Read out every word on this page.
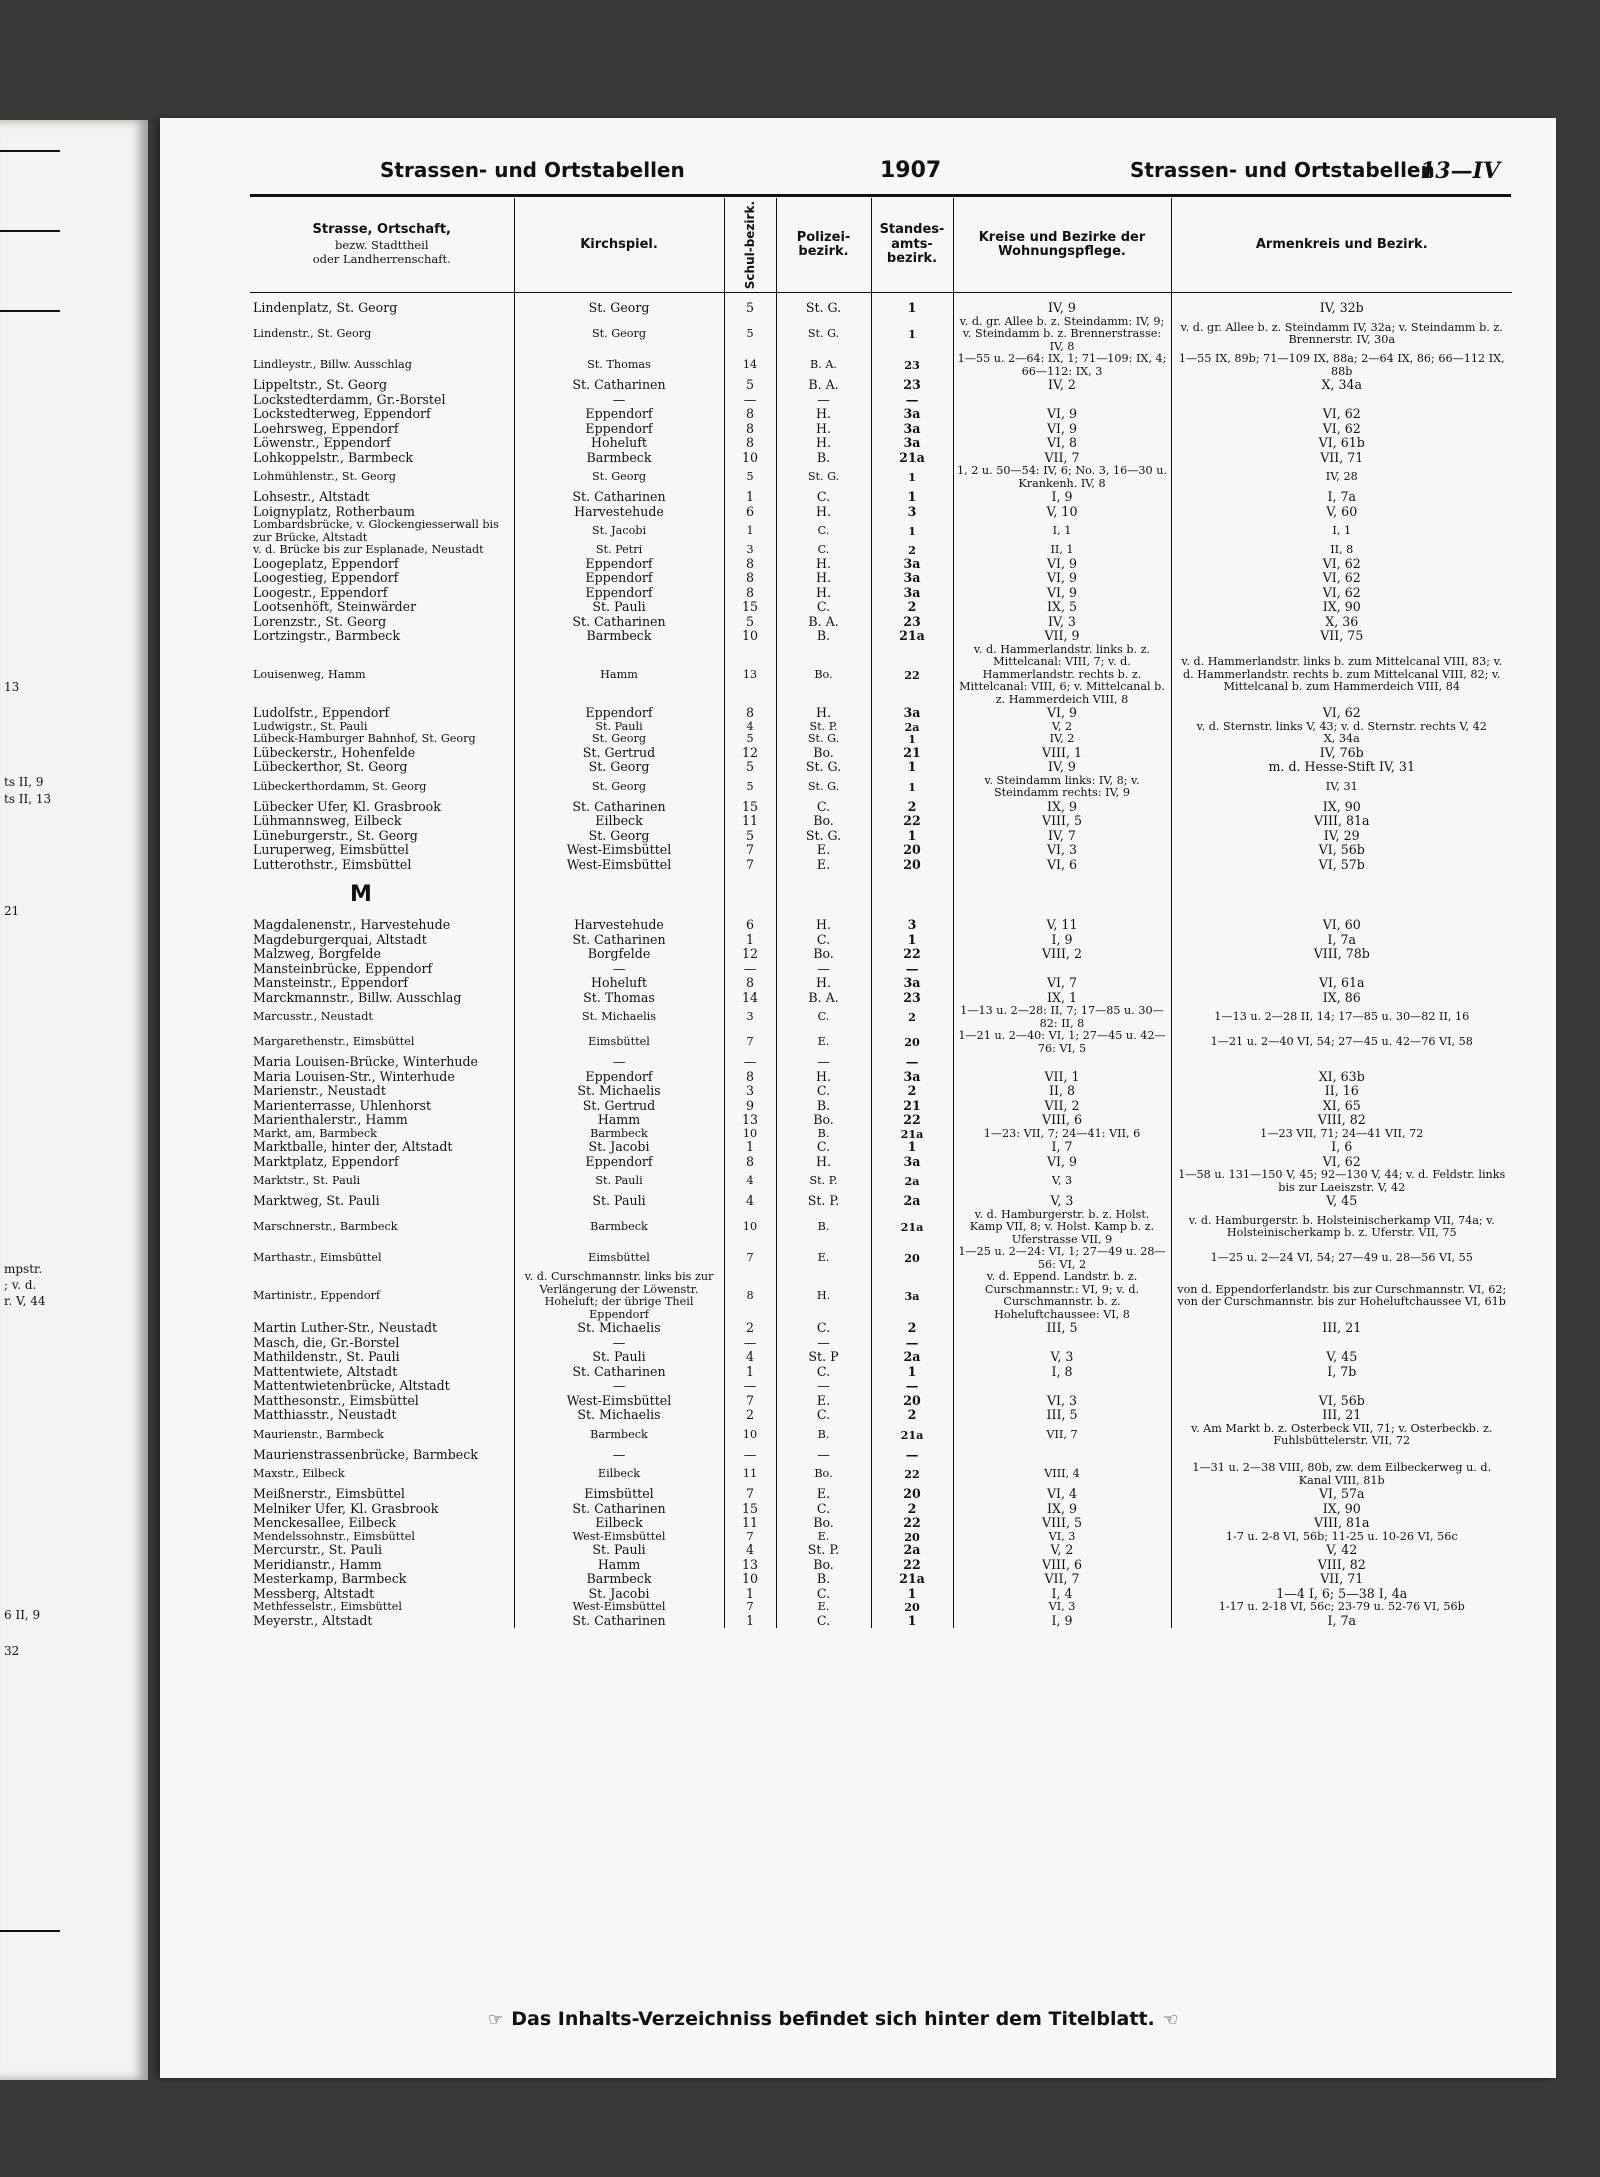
13
ts II, 9
ts II, 13
21
mpstr.
; v. d.
r. V, 44
6 II, 9
32
Strassen- und Ortstabellen	1907	Strassen- und Ortstabellen
13—IV
Strasse, Ortschaft,
bezw. Stadttheil
oder Landherrenschaft.	Kirchspiel.	Schul-bezirk.	Polizei-bezirk.	Standes-amts-bezirk.	Kreise und Bezirke der Wohnungspflege.	Armenkreis und Bezirk.

Lindenplatz, St. Georg	St. Georg	5	St. G.	1	IV, 9	IV, 32b
Lindenstr., St. Georg	St. Georg	5	St. G.	1	v. d. gr. Allee b. z. Steindamm: IV, 9; v. Steindamm b. z. Brennerstrasse: IV, 8	v. d. gr. Allee b. z. Steindamm IV, 32a; v. Steindamm b. z. Brennerstr. IV, 30a
Lindleystr., Billw. Ausschlag	St. Thomas	14	B. A.	23	1—55 u. 2—64: IX, 1; 71—109: IX, 4; 66—112: IX, 3	1—55 IX, 89b; 71—109 IX, 88a; 2—64 IX, 86; 66—112 IX, 88b
Lippeltstr., St. Georg	St. Catharinen	5	B. A.	23	IV, 2	X, 34a
Lockstedterdamm, Gr.-Borstel	—	—	—	—		
Lockstedterweg, Eppendorf	Eppendorf	8	H.	3a	VI, 9	VI, 62
Loehrsweg, Eppendorf	Eppendorf	8	H.	3a	VI, 9	VI, 62
Löwenstr., Eppendorf	Hoheluft	8	H.	3a	VI, 8	VI, 61b
Lohkoppelstr., Barmbeck	Barmbeck	10	B.	21a	VII, 7	VII, 71
Lohmühlenstr., St. Georg	St. Georg	5	St. G.	1	1, 2 u. 50—54: IV, 6; No. 3, 16—30 u. Krankenh. IV, 8	IV, 28
Lohsestr., Altstadt	St. Catharinen	1	C.	1	I, 9	I, 7a
Loignyplatz, Rotherbaum	Harvestehude	6	H.	3	V, 10	V, 60
Lombardsbrücke, v. Glockengiesserwall bis zur Brücke, Altstadt	St. Jacobi	1	C.	1	I, 1	I, 1
v. d. Brücke bis zur Esplanade, Neustadt	St. Petri	3	C.	2	II, 1	II, 8
Loogeplatz, Eppendorf	Eppendorf	8	H.	3a	VI, 9	VI, 62
Loogestieg, Eppendorf	Eppendorf	8	H.	3a	VI, 9	VI, 62
Loogestr., Eppendorf	Eppendorf	8	H.	3a	VI, 9	VI, 62
Lootsenhöft, Steinwärder	St. Pauli	15	C.	2	IX, 5	IX, 90
Lorenzstr., St. Georg	St. Catharinen	5	B. A.	23	IV, 3	X, 36
Lortzingstr., Barmbeck	Barmbeck	10	B.	21a	VII, 9	VII, 75
Louisenweg, Hamm	Hamm	13	Bo.	22	v. d. Hammerlandstr. links b. z. Mittelcanal: VIII, 7; v. d. Hammerlandstr. rechts b. z. Mittelcanal: VIII, 6; v. Mittelcanal b. z. Hammerdeich VIII, 8	v. d. Hammerlandstr. links b. zum Mittelcanal VIII, 83; v. d. Hammerlandstr. rechts b. zum Mittelcanal VIII, 82; v. Mittelcanal b. zum Hammerdeich VIII, 84
Ludolfstr., Eppendorf	Eppendorf	8	H.	3a	VI, 9	VI, 62
Ludwigstr., St. Pauli	St. Pauli	4	St. P.	2a	V, 2	v. d. Sternstr. links V, 43; v. d. Sternstr. rechts V, 42
Lübeck-Hamburger Bahnhof, St. Georg	St. Georg	5	St. G.	1	IV, 2	X, 34a
Lübeckerstr., Hohenfelde	St. Gertrud	12	Bo.	21	VIII, 1	IV, 76b
Lübeckerthor, St. Georg	St. Georg	5	St. G.	1	IV, 9	m. d. Hesse-Stift IV, 31
Lübeckerthordamm, St. Georg	St. Georg	5	St. G.	1	v. Steindamm links: IV, 8; v. Steindamm rechts: IV, 9	IV, 31
Lübecker Ufer, Kl. Grasbrook	St. Catharinen	15	C.	2	IX, 9	IX, 90
Lühmannsweg, Eilbeck	Eilbeck	11	Bo.	22	VIII, 5	VIII, 81a
Lüneburgerstr., St. Georg	St. Georg	5	St. G.	1	IV, 7	IV, 29
Luruperweg, Eimsbüttel	West-Eimsbüttel	7	E.	20	VI, 3	VI, 56b
Lutterothstr., Eimsbüttel	West-Eimsbüttel	7	E.	20	VI, 6	VI, 57b
M						
Magdalenenstr., Harvestehude	Harvestehude	6	H.	3	V, 11	VI, 60
Magdeburgerquai, Altstadt	St. Catharinen	1	C.	1	I, 9	I, 7a
Malzweg, Borgfelde	Borgfelde	12	Bo.	22	VIII, 2	VIII, 78b
Mansteinbrücke, Eppendorf	—	—	—	—		
Mansteinstr., Eppendorf	Hoheluft	8	H.	3a	VI, 7	VI, 61a
Marckmannstr., Billw. Ausschlag	St. Thomas	14	B. A.	23	IX, 1	IX, 86
Marcusstr., Neustadt	St. Michaelis	3	C.	2	1—13 u. 2—28: II, 7; 17—85 u. 30—82: II, 8	1—13 u. 2—28 II, 14; 17—85 u. 30—82 II, 16
Margarethenstr., Eimsbüttel	Eimsbüttel	7	E.	20	1—21 u. 2—40: VI, 1; 27—45 u. 42—76: VI, 5	1—21 u. 2—40 VI, 54; 27—45 u. 42—76 VI, 58
Maria Louisen-Brücke, Winterhude	—	—	—	—		
Maria Louisen-Str., Winterhude	Eppendorf	8	H.	3a	VII, 1	XI, 63b
Marienstr., Neustadt	St. Michaelis	3	C.	2	II, 8	II, 16
Marienterrasse, Uhlenhorst	St. Gertrud	9	B.	21	VII, 2	XI, 65
Marienthalerstr., Hamm	Hamm	13	Bo.	22	VIII, 6	VIII, 82
Markt, am, Barmbeck	Barmbeck	10	B.	21a	1—23: VII, 7; 24—41: VII, 6	1—23 VII, 71; 24—41 VII, 72
Marktballe, hinter der, Altstadt	St. Jacobi	1	C.	1	I, 7	I, 6
Marktplatz, Eppendorf	Eppendorf	8	H.	3a	VI, 9	VI, 62
Marktstr., St. Pauli	St. Pauli	4	St. P.	2a	V, 3	1—58 u. 131—150 V, 45; 92—130 V, 44; v. d. Feldstr. links bis zur Laeiszstr. V, 42
Marktweg, St. Pauli	St. Pauli	4	St. P.	2a	V, 3	V, 45
Marschnerstr., Barmbeck	Barmbeck	10	B.	21a	v. d. Hamburgerstr. b. z. Holst. Kamp VII, 8; v. Holst. Kamp b. z. Uferstrasse VII, 9	v. d. Hamburgerstr. b. Holsteinischerkamp VII, 74a; v. Holsteinischerkamp b. z. Uferstr. VII, 75
Marthastr., Eimsbüttel	Eimsbüttel	7	E.	20	1—25 u. 2—24: VI, 1; 27—49 u. 28—56: VI, 2	1—25 u. 2—24 VI, 54; 27—49 u. 28—56 VI, 55
Martinistr., Eppendorf	v. d. Curschmannstr. links bis zur Verlängerung der Löwenstr. Hoheluft; der übrige Theil Eppendorf	8	H.	3a	v. d. Eppend. Landstr. b. z. Curschmannstr.: VI, 9; v. d. Curschmannstr. b. z. Hoheluftchaussee: VI, 8	von d. Eppendorferlandstr. bis zur Curschmannstr. VI, 62; von der Curschmannstr. bis zur Hoheluftchaussee VI, 61b
Martin Luther-Str., Neustadt	St. Michaelis	2	C.	2	III, 5	III, 21
Masch, die, Gr.-Borstel	—	—	—	—		
Mathildenstr., St. Pauli	St. Pauli	4	St. P	2a	V, 3	V, 45
Mattentwiete, Altstadt	St. Catharinen	1	C.	1	I, 8	I, 7b
Mattentwietenbrücke, Altstadt	—	—	—	—		
Matthesonstr., Eimsbüttel	West-Eimsbüttel	7	E.	20	VI, 3	VI, 56b
Matthiasstr., Neustadt	St. Michaelis	2	C.	2	III, 5	III, 21
Maurienstr., Barmbeck	Barmbeck	10	B.	21a	VII, 7	v. Am Markt b. z. Osterbeck VII, 71; v. Osterbeckb. z. Fuhlsbüttelerstr. VII, 72
Maurienstrassenbrücke, Barmbeck	—	—	—	—		
Maxstr., Eilbeck	Eilbeck	11	Bo.	22	VIII, 4	1—31 u. 2—38 VIII, 80b, zw. dem Eilbeckerweg u. d. Kanal VIII, 81b
Meißnerstr., Eimsbüttel	Eimsbüttel	7	E.	20	VI, 4	VI, 57a
Melniker Ufer, Kl. Grasbrook	St. Catharinen	15	C.	2	IX, 9	IX, 90
Menckesallee, Eilbeck	Eilbeck	11	Bo.	22	VIII, 5	VIII, 81a
Mendelssohnstr., Eimsbüttel	West-Eimsbüttel	7	E.	20	VI, 3	1-7 u. 2-8 VI, 56b; 11-25 u. 10-26 VI, 56c
Mercurstr., St. Pauli	St. Pauli	4	St. P.	2a	V, 2	V, 42
Meridianstr., Hamm	Hamm	13	Bo.	22	VIII, 6	VIII, 82
Mesterkamp, Barmbeck	Barmbeck	10	B.	21a	VII, 7	VII, 71
Messberg, Altstadt	St. Jacobi	1	C.	1	I, 4	1—4 I, 6; 5—38 I, 4a
Methfesselstr., Eimsbüttel	West-Eimsbüttel	7	E.	20	VI, 3	1-17 u. 2-18 VI, 56c; 23-79 u. 52-76 VI, 56b
Meyerstr., Altstadt	St. Catharinen	1	C.	1	I, 9	I, 7a
☞ Das Inhalts-Verzeichniss befindet sich hinter dem Titelblatt. ☜
